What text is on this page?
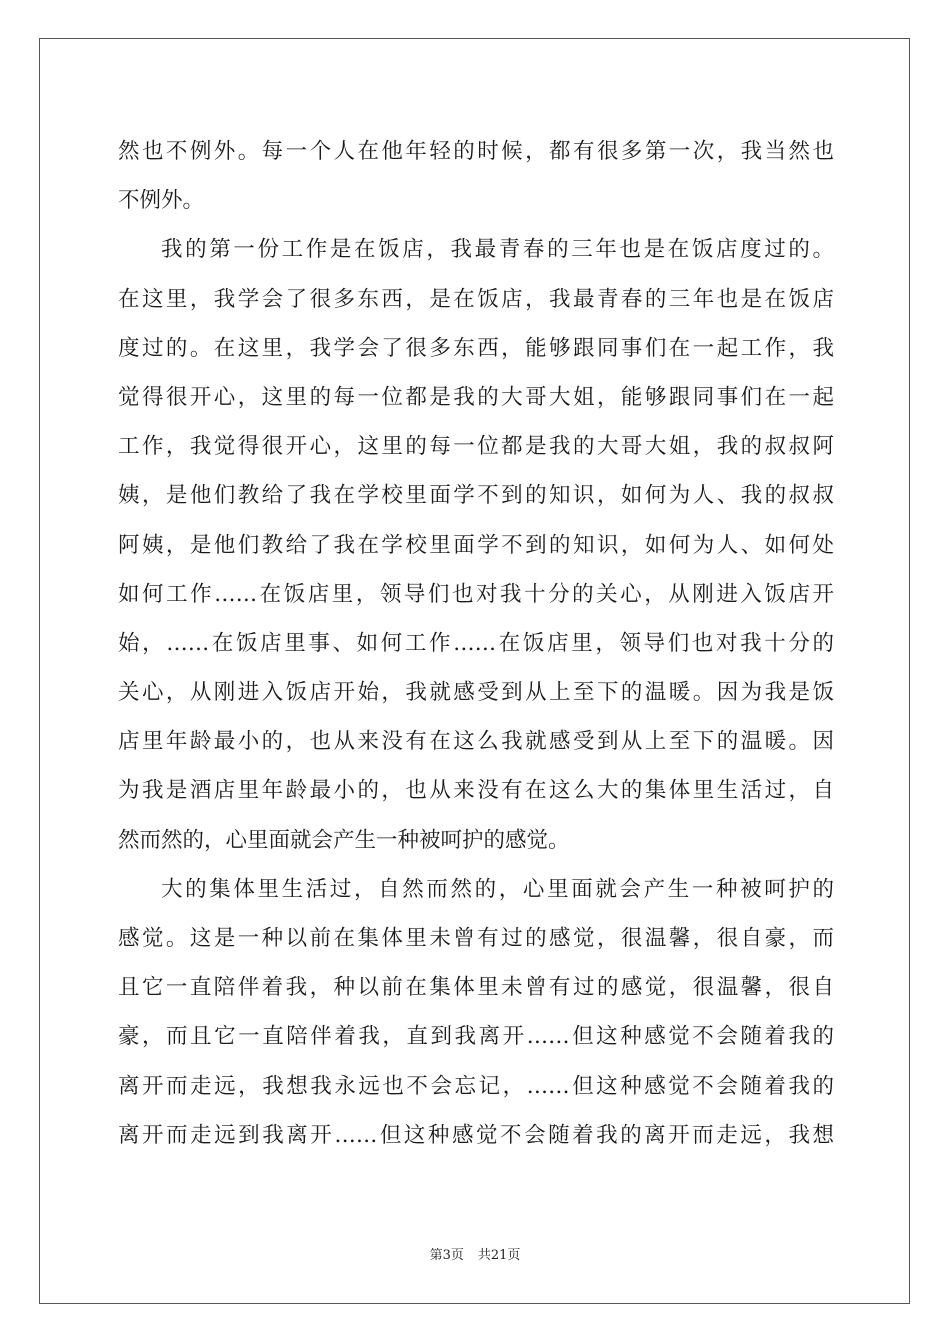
然也不例外。每一个人在他年轻的时候，都有很多第一次，我当然也
不例外。
我的第一份工作是在饭店，我最青春的三年也是在饭店度过的。
在这里，我学会了很多东西，是在饭店，我最青春的三年也是在饭店
度过的。在这里，我学会了很多东西，能够跟同事们在一起工作，我
觉得很开心，这里的每一位都是我的大哥大姐，能够跟同事们在一起
工作，我觉得很开心，这里的每一位都是我的大哥大姐，我的叔叔阿
姨，是他们教给了我在学校里面学不到的知识，如何为人、我的叔叔
阿姨，是他们教给了我在学校里面学不到的知识，如何为人、如何处
如何工作……在饭店里，领导们也对我十分的关心，从刚进入饭店开
始，……在饭店里事、如何工作……在饭店里，领导们也对我十分的
关心，从刚进入饭店开始，我就感受到从上至下的温暖。因为我是饭
店里年龄最小的，也从来没有在这么我就感受到从上至下的温暖。因
为我是酒店里年龄最小的，也从来没有在这么大的集体里生活过，自
然而然的，心里面就会产生一种被呵护的感觉。
大的集体里生活过，自然而然的，心里面就会产生一种被呵护的
感觉。这是一种以前在集体里未曾有过的感觉，很温馨，很自豪，而
且它一直陪伴着我，种以前在集体里未曾有过的感觉，很温馨，很自
豪，而且它一直陪伴着我，直到我离开……但这种感觉不会随着我的
离开而走远，我想我永远也不会忘记，……但这种感觉不会随着我的
离开而走远到我离开……但这种感觉不会随着我的离开而走远，我想
第3页 共21页
